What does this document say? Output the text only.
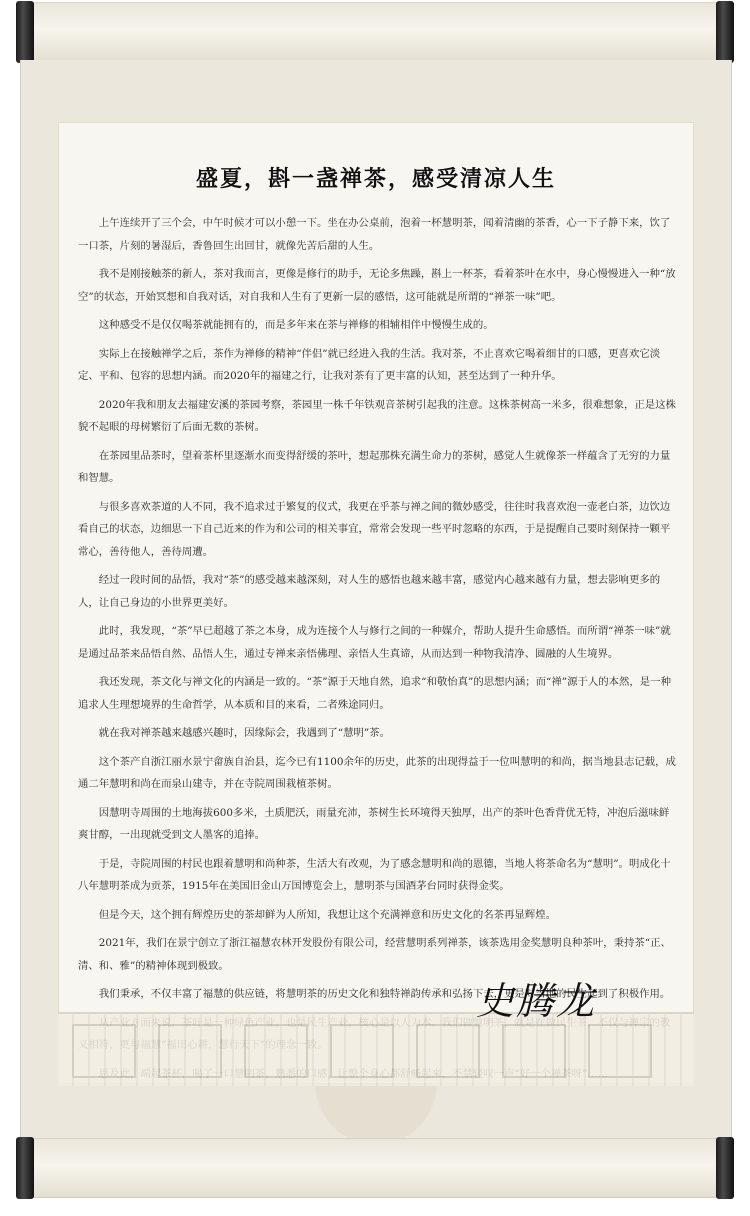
盛夏，斟一盏禅茶，感受清凉人生

上午连续开了三个会，中午时候才可以小憩一下。坐在办公桌前，泡着一杯慧明茶，闻着清幽的茶香，心一下子静下来，饮了一口茶，片刻的暑湿后，香鲁回生出回甘，就像先苦后甜的人生。

我不是刚接触茶的新人，茶对我而言，更像是修行的助手，无论多焦躁，斟上一杯茶，看着茶叶在水中，身心慢慢进入一种“放空”的状态，开始冥想和自我对话，对自我和人生有了更新一层的感悟，这可能就是所谓的“禅茶一味”吧。

这种感受不是仅仅喝茶就能拥有的，而是多年来在茶与禅修的相辅相伴中慢慢生成的。

实际上在接触禅学之后，茶作为禅修的精神“伴侣”就已经进入我的生活。我对茶，不止喜欢它喝着细甘的口感，更喜欢它淡定、平和、包容的思想内涵。而2020年的福建之行，让我对茶有了更丰富的认知，甚至达到了一种升华。

2020年我和朋友去福建安溪的茶园考察，茶园里一株千年铁观音茶树引起我的注意。这株茶树高一米多，很难想象，正是这株貌不起眼的母树繁衍了后面无数的茶树。

在茶园里品茶时，望着茶杯里逐渐水而变得舒缓的茶叶，想起那株充满生命力的茶树，感觉人生就像茶一样蕴含了无穷的力量和智慧。

与很多喜欢茶道的人不同，我不追求过于繁复的仪式，我更在乎茶与禅之间的微妙感受，往往时我喜欢泡一壶老白茶，边饮边看自己的状态，边细思一下自己近来的作为和公司的相关事宜，常常会发现一些平时忽略的东西，于是提醒自己要时刻保持一颗平常心，善待他人，善待周遭。

经过一段时间的品悟，我对“茶”的感受越来越深刻，对人生的感悟也越来越丰富，感觉内心越来越有力量，想去影响更多的人，让自己身边的小世界更美好。

此时，我发现，“茶”早已超越了茶之本身，成为连接个人与修行之间的一种媒介，帮助人提升生命感悟。而所谓“禅茶一味”就是通过品茶来品悟自然、品悟人生，通过专禅来亲悟佛理、亲悟人生真谛，从而达到一种物我清净、圆融的人生境界。

我还发现，茶文化与禅文化的内涵是一致的。“茶”源于天地自然，追求“和敬怡真”的思想内涵；而“禅”源于人的本然，是一种追求人生理想境界的生命哲学，从本质和目的来看，二者殊途同归。

就在我对禅茶越来越感兴趣时，因缘际会，我遇到了“慧明”茶。

这个茶产自浙江丽水景宁畲族自治县，迄今已有1100余年的历史，此茶的出现得益于一位叫慧明的和尚，据当地县志记载，成通二年慧明和尚在而泉山建寺，并在寺院周围栽植茶树。

因慧明寺周围的土地海拔600多米，土质肥沃，雨量充沛，茶树生长环境得天独厚，出产的茶叶色香背优无特，冲泡后滋味鲜爽甘醇，一出现就受到文人墨客的追捧。

于是，寺院周围的村民也跟着慧明和尚种茶，生活大有改观，为了感念慧明和尚的恩德，当地人将茶命名为“慧明”。明成化十八年慧明茶成为贡茶，1915年在美国旧金山万国博览会上，慧明茶与国酒茅台同时获得金奖。

但是今天，这个拥有辉煌历史的茶却鲜为人所知，我想让这个充满禅意和历史文化的名茶再显辉煌。

2021年，我们在景宁创立了浙江福慧农林开发股份有限公司，经营慧明系列禅茶，该茶选用金奖慧明良种茶叶，秉持茶“正、清、和、雅”的精神体现到极致。

我们秉承，不仅丰富了福慧的供应链，将慧明茶的历史文化和独特禅韵传承和弘扬下去，更是对当地的民生起到了积极作用。

史腾龙
